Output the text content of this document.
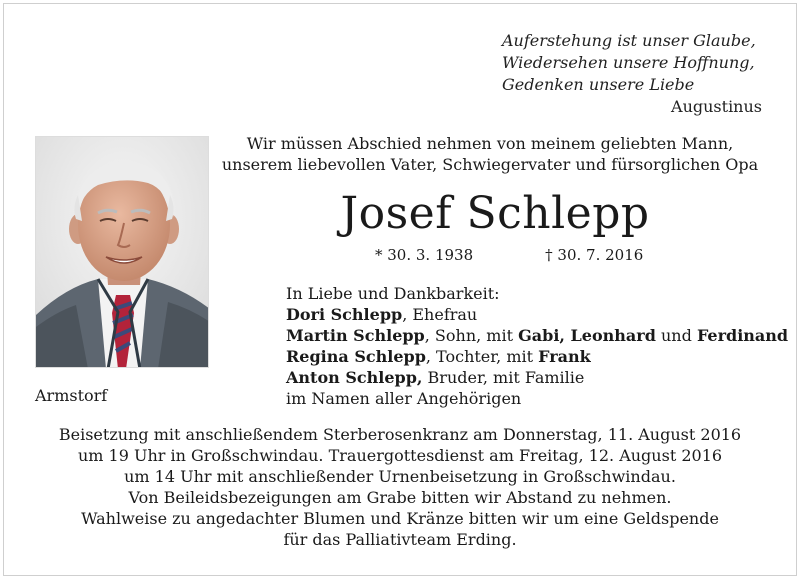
Auferstehung ist unser Glaube,
Wiedersehen unsere Hoffnung,
Gedenken unsere Liebe
Augustinus
Wir müssen Abschied nehmen von meinem geliebten Mann,
unserem liebevollen Vater, Schwiegervater und fürsorglichen Opa
Josef Schlepp
* 30. 3. 1938	† 30. 7. 2016
Armstorf
In Liebe und Dankbarkeit:
Dori Schlepp, Ehefrau
Martin Schlepp, Sohn, mit Gabi, Leonhard und Ferdinand
Regina Schlepp, Tochter, mit Frank
Anton Schlepp, Bruder, mit Familie
im Namen aller Angehörigen
Beisetzung mit anschließendem Sterberosenkranz am Donnerstag, 11. August 2016
um 19 Uhr in Großschwindau. Trauergottesdienst am Freitag, 12. August 2016
um 14 Uhr mit anschließender Urnenbeisetzung in Großschwindau.
Von Beileidsbezeigungen am Grabe bitten wir Abstand zu nehmen.
Wahlweise zu angedachter Blumen und Kränze bitten wir um eine Geldspende
für das Palliativteam Erding.
